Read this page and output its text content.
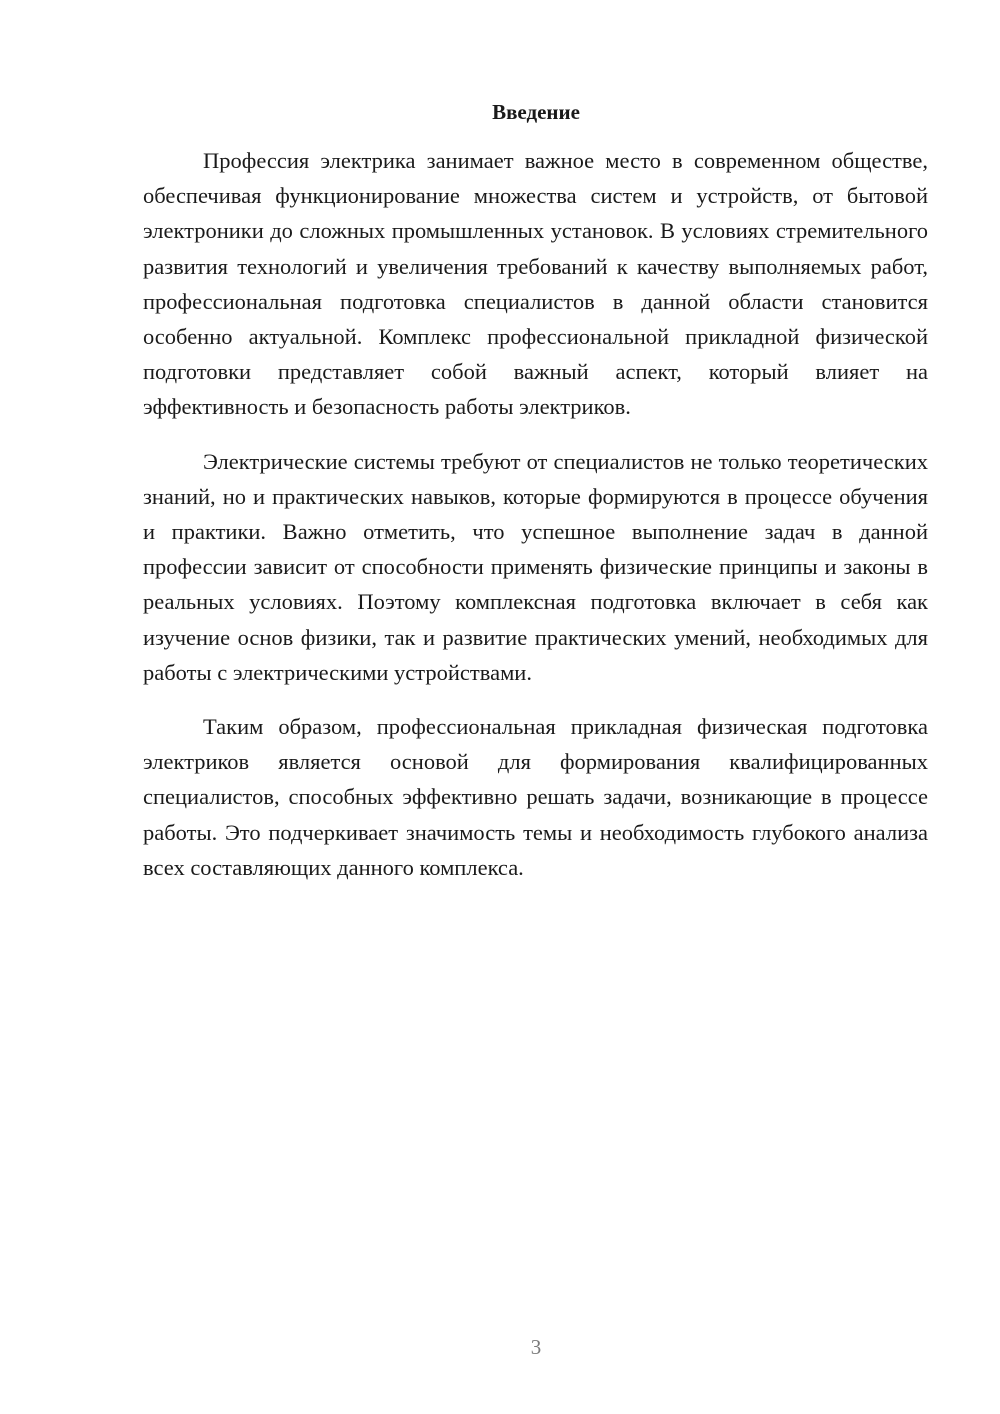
Введение

Профессия электрика занимает важное место в современном обществе, обеспечивая функционирование множества систем и устройств, от бытовой электроники до сложных промышленных установок. В условиях стремительного развития технологий и увеличения требований к качеству выполняемых работ, профессиональная подготовка специалистов в данной области становится особенно актуальной. Комплекс профессиональной прикладной физической подготовки представляет собой важный аспект, который влияет на эффективность и безопасность работы электриков.

Электрические системы требуют от специалистов не только теоретических знаний, но и практических навыков, которые формируются в процессе обучения и практики. Важно отметить, что успешное выполнение задач в данной профессии зависит от способности применять физические принципы и законы в реальных условиях. Поэтому комплексная подготовка включает в себя как изучение основ физики, так и развитие практических умений, необходимых для работы с электрическими устройствами.

Таким образом, профессиональная прикладная физическая подготовка электриков является основой для формирования квалифицированных специалистов, способных эффективно решать задачи, возникающие в процессе работы. Это подчеркивает значимость темы и необходимость глубокого анализа всех составляющих данного комплекса.

3
